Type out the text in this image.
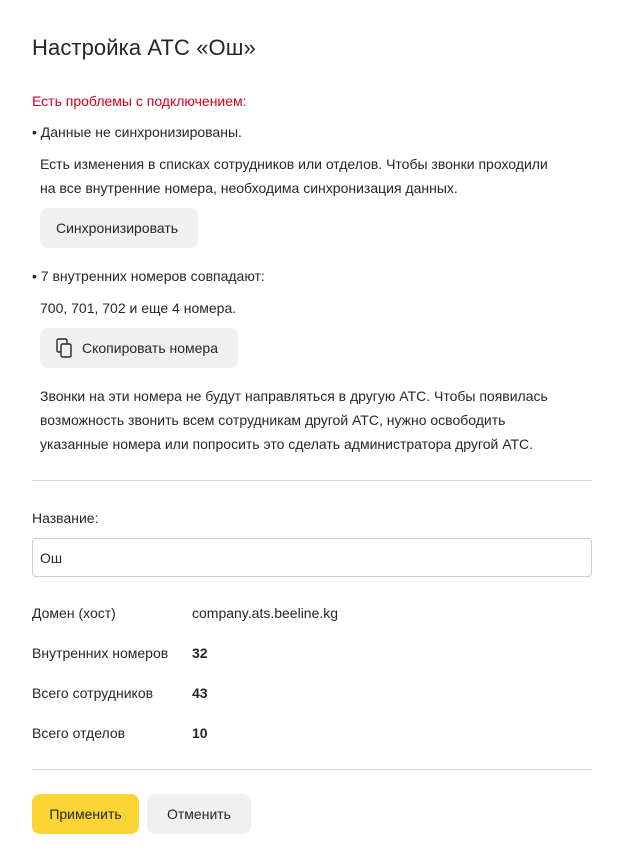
Настройка АТС «Ош»
Есть проблемы с подключением:
• Данные не синхронизированы.

Есть изменения в списках сотрудников или отделов. Чтобы звонки проходили
на все внутренние номера, необходима синхронизация данных.

Синхронизировать
• 7 внутренних номеров совпадают:
700, 701, 702 и еще 4 номера.
Скопировать номера

Звонки на эти номера не будут направляться в другую АТС. Чтобы появилась
возможность звонить всем сотрудникам другой АТС, нужно освободить
указанные номера или попросить это сделать администратора другой АТС.

Название:
Ош
Домен (хост)	company.ats.beeline.kg
Внутренних номеров 32
Всего сотрудников	43
Всего отделов	10
Применить	Отменить
